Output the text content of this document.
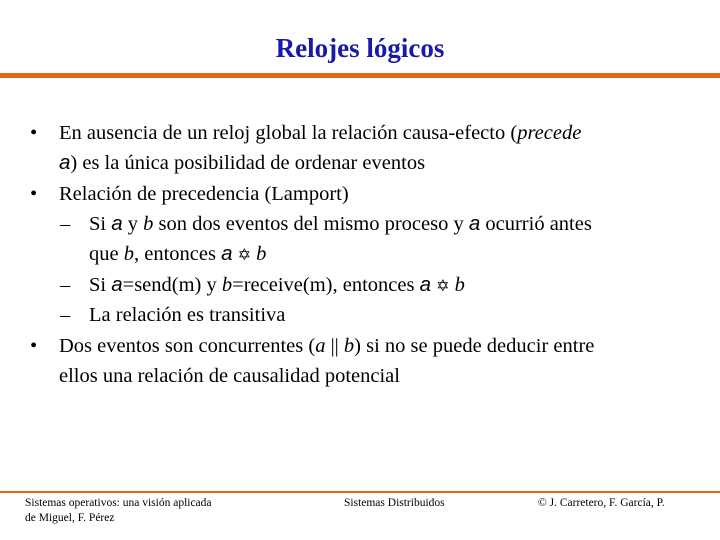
Relojes lógicos
• En ausencia de un reloj global la relación causa-efecto (precede
a) es la única posibilidad de ordenar eventos
• Relación de precedencia (Lamport)
– Si a y b son dos eventos del mismo proceso y a ocurrió antes
que b, entonces a ✡ b
– Si a=send(m) y b=receive(m), entonces a ✡ b
– La relación es transitiva
• Dos eventos son concurrentes (a || b) si no se puede deducir entre
ellos una relación de causalidad potencial
Sistemas operativos: una visión aplicada
de Miguel, F. Pérez
Sistemas Distribuidos	© J. Carretero, F. García, P.
